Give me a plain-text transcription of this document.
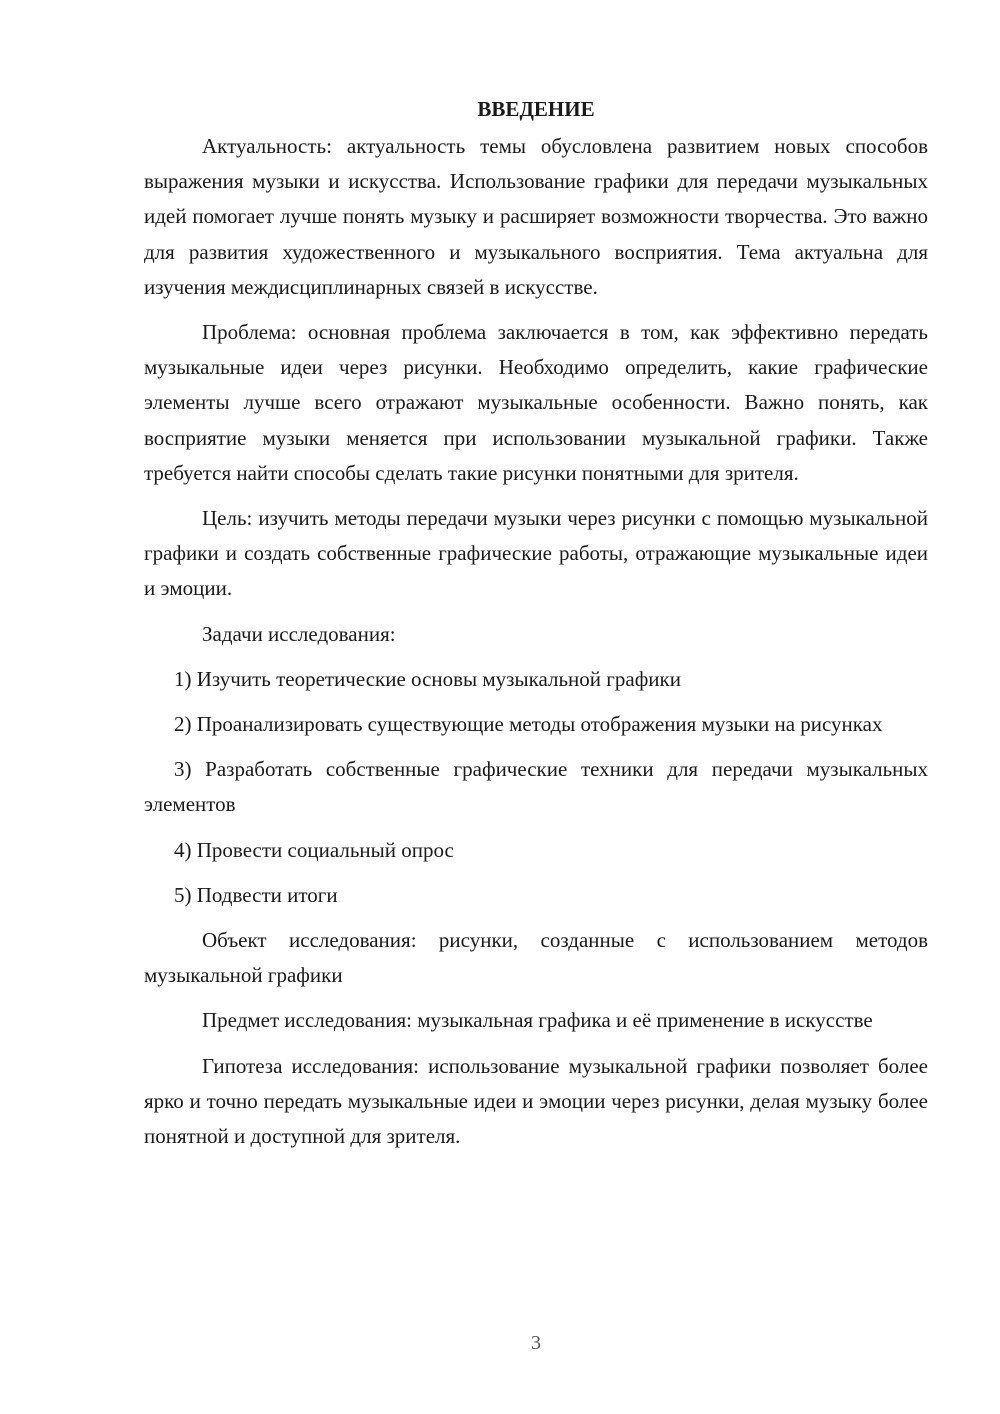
ВВЕДЕНИЕ

Актуальность: актуальность темы обусловлена развитием новых способов выражения музыки и искусства. Использование графики для передачи музыкальных идей помогает лучше понять музыку и расширяет возможности творчества. Это важно для развития художественного и музыкального восприятия. Тема актуальна для изучения междисциплинарных связей в искусстве.

Проблема: основная проблема заключается в том, как эффективно передать музыкальные идеи через рисунки. Необходимо определить, какие графические элементы лучше всего отражают музыкальные особенности. Важно понять, как восприятие музыки меняется при использовании музыкальной графики. Также требуется найти способы сделать такие рисунки понятными для зрителя.

Цель: изучить методы передачи музыки через рисунки с помощью музыкальной графики и создать собственные графические работы, отражающие музыкальные идеи и эмоции.

Задачи исследования:

1) Изучить теоретические основы музыкальной графики

2) Проанализировать существующие методы отображения музыки на рисунках

3) Разработать собственные графические техники для передачи музыкальных элементов

4) Провести социальный опрос

5) Подвести итоги

Объект исследования: рисунки, созданные с использованием методов музыкальной графики

Предмет исследования: музыкальная графика и её применение в искусстве

Гипотеза исследования: использование музыкальной графики позволяет более ярко и точно передать музыкальные идеи и эмоции через рисунки, делая музыку более понятной и доступной для зрителя.

3
